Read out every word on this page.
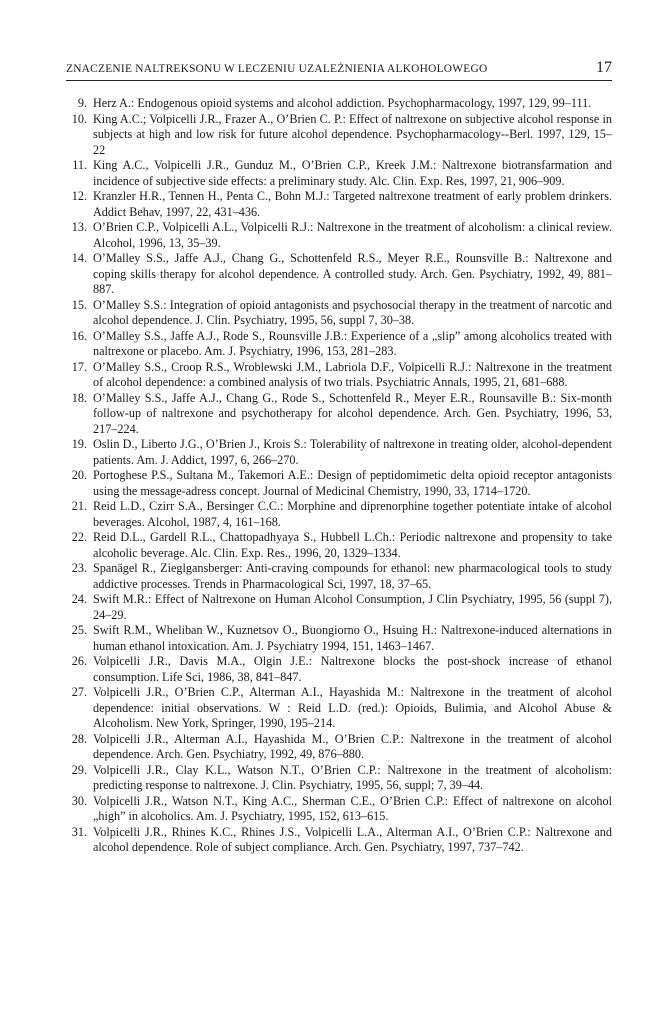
ZNACZENIE NALTREKSONU W LECZENIU UZALEŻNIENIA ALKOHOLOWEGO	17
9. Herz A.: Endogenous opioid systems and alcohol addiction. Psychopharmacology, 1997, 129, 99–111.
10. King A.C.; Volpicelli J.R., Frazer A., O’Brien C. P.: Effect of naltrexone on subjective alcohol response in subjects at high and low risk for future alcohol dependence. Psychopharmacology--Berl. 1997, 129, 15–22
11. King A.C., Volpicelli J.R., Gunduz M., O’Brien C.P., Kreek J.M.: Naltrexone biotransfarmation and incidence of subjective side effects: a preliminary study. Alc. Clin. Exp. Res, 1997, 21, 906–909.
12. Kranzler H.R., Tennen H., Penta C., Bohn M.J.: Targeted naltrexone treatment of early problem drinkers. Addict Behav, 1997, 22, 431–436.
13. O’Brien C.P., Volpicelli A.L., Volpicelli R.J.: Naltrexone in the treatment of alcoholism: a clinical review. Alcohol, 1996, 13, 35–39.
14. O’Malley S.S., Jaffe A.J., Chang G., Schottenfeld R.S., Meyer R.E., Rounsville B.: Naltrexone and coping skills therapy for alcohol dependence. A controlled study. Arch. Gen. Psychiatry, 1992, 49, 881–887.
15. O’Malley S.S.: Integration of opioid antagonists and psychosocial therapy in the treatment of narcotic and alcohol dependence. J. Clin. Psychiatry, 1995, 56, suppl 7, 30–38.
16. O’Malley S.S., Jaffe A.J., Rode S., Rounsville J.B.: Experience of a „slip” among alcoholics treated with naltrexone or placebo. Am. J. Psychiatry, 1996, 153, 281–283.
17. O’Malley S.S., Croop R.S., Wroblewski J.M., Labriola D.F., Volpicelli R.J.: Naltrexone in the treatment of alcohol dependence: a combined analysis of two trials. Psychiatric Annals, 1995, 21, 681–688.
18. O’Malley S.S., Jaffe A.J., Chang G., Rode S., Schottenfeld R., Meyer E.R., Rounsaville B.: Six-month follow-up of naltrexone and psychotherapy for alcohol dependence. Arch. Gen. Psychiatry, 1996, 53, 217–224.
19. Oslin D., Liberto J.G., O’Brien J., Krois S.: Tolerability of naltrexone in treating older, alcohol-dependent patients. Am. J. Addict, 1997, 6, 266–270.
20. Portoghese P.S., Sultana M., Takemori A.E.: Design of peptidomimetic delta opioid receptor antagonists using the message-adress concept. Journal of Medicinal Chemistry, 1990, 33, 1714–1720.
21. Reid L.D., Czirr S.A., Bersinger C.C.: Morphine and diprenorphine together potentiate intake of alcohol beverages. Alcohol, 1987, 4, 161–168.
22. Reid D.L., Gardell R.L., Chattopadhyaya S., Hubbell L.Ch.: Periodic naltrexone and propensity to take alcoholic beverage. Alc. Clin. Exp. Res., 1996, 20, 1329–1334.
23. Spanägel R., Zieglgansberger: Anti-craving compounds for ethanol: new pharmacological tools to study addictive processes. Trends in Pharmacological Sci, 1997, 18, 37–65.
24. Swift M.R.: Effect of Naltrexone on Human Alcohol Consumption, J Clin Psychiatry, 1995, 56 (suppl 7), 24–29.
25. Swift R.M., Wheliban W., Kuznetsov O., Buongiorno O., Hsuing H.: Naltrexone-induced alternations in human ethanol intoxication. Am. J. Psychiatry 1994, 151, 1463–1467.
26. Volpicelli J.R., Davis M.A., Olgin J.E.: Naltrexone blocks the post-shock increase of ethanol consumption. Life Sci, 1986, 38, 841–847.
27. Volpicelli J.R., O’Brien C.P., Alterman A.I., Hayashida M.: Naltrexone in the treatment of alcohol dependence: initial observations. W : Reid L.D. (red.): Opioids, Bulimia, and Alcohol Abuse & Alcoholism. New York, Springer, 1990, 195–214.
28. Volpicelli J.R., Alterman A.I., Hayashida M., O’Brien C.P.: Naltrexone in the treatment of alcohol dependence. Arch. Gen. Psychiatry, 1992, 49, 876–880.
29. Volpicelli J.R., Clay K.L., Watson N.T., O’Brien C.P.: Naltrexone in the treatment of alcoholism: predicting response to naltrexone. J. Clin. Psychiatry, 1995, 56, suppl; 7, 39–44.
30. Volpicelli J.R., Watson N.T., King A.C., Sherman C.E., O’Brien C.P.: Effect of naltrexone on alcohol „high” in alcoholics. Am. J. Psychiatry, 1995, 152, 613–615.
31. Volpicelli J.R., Rhines K.C., Rhines J.S., Volpicelli L.A., Alterman A.I., O’Brien C.P.: Naltrexone and alcohol dependence. Role of subject compliance. Arch. Gen. Psychiatry, 1997, 737–742.
